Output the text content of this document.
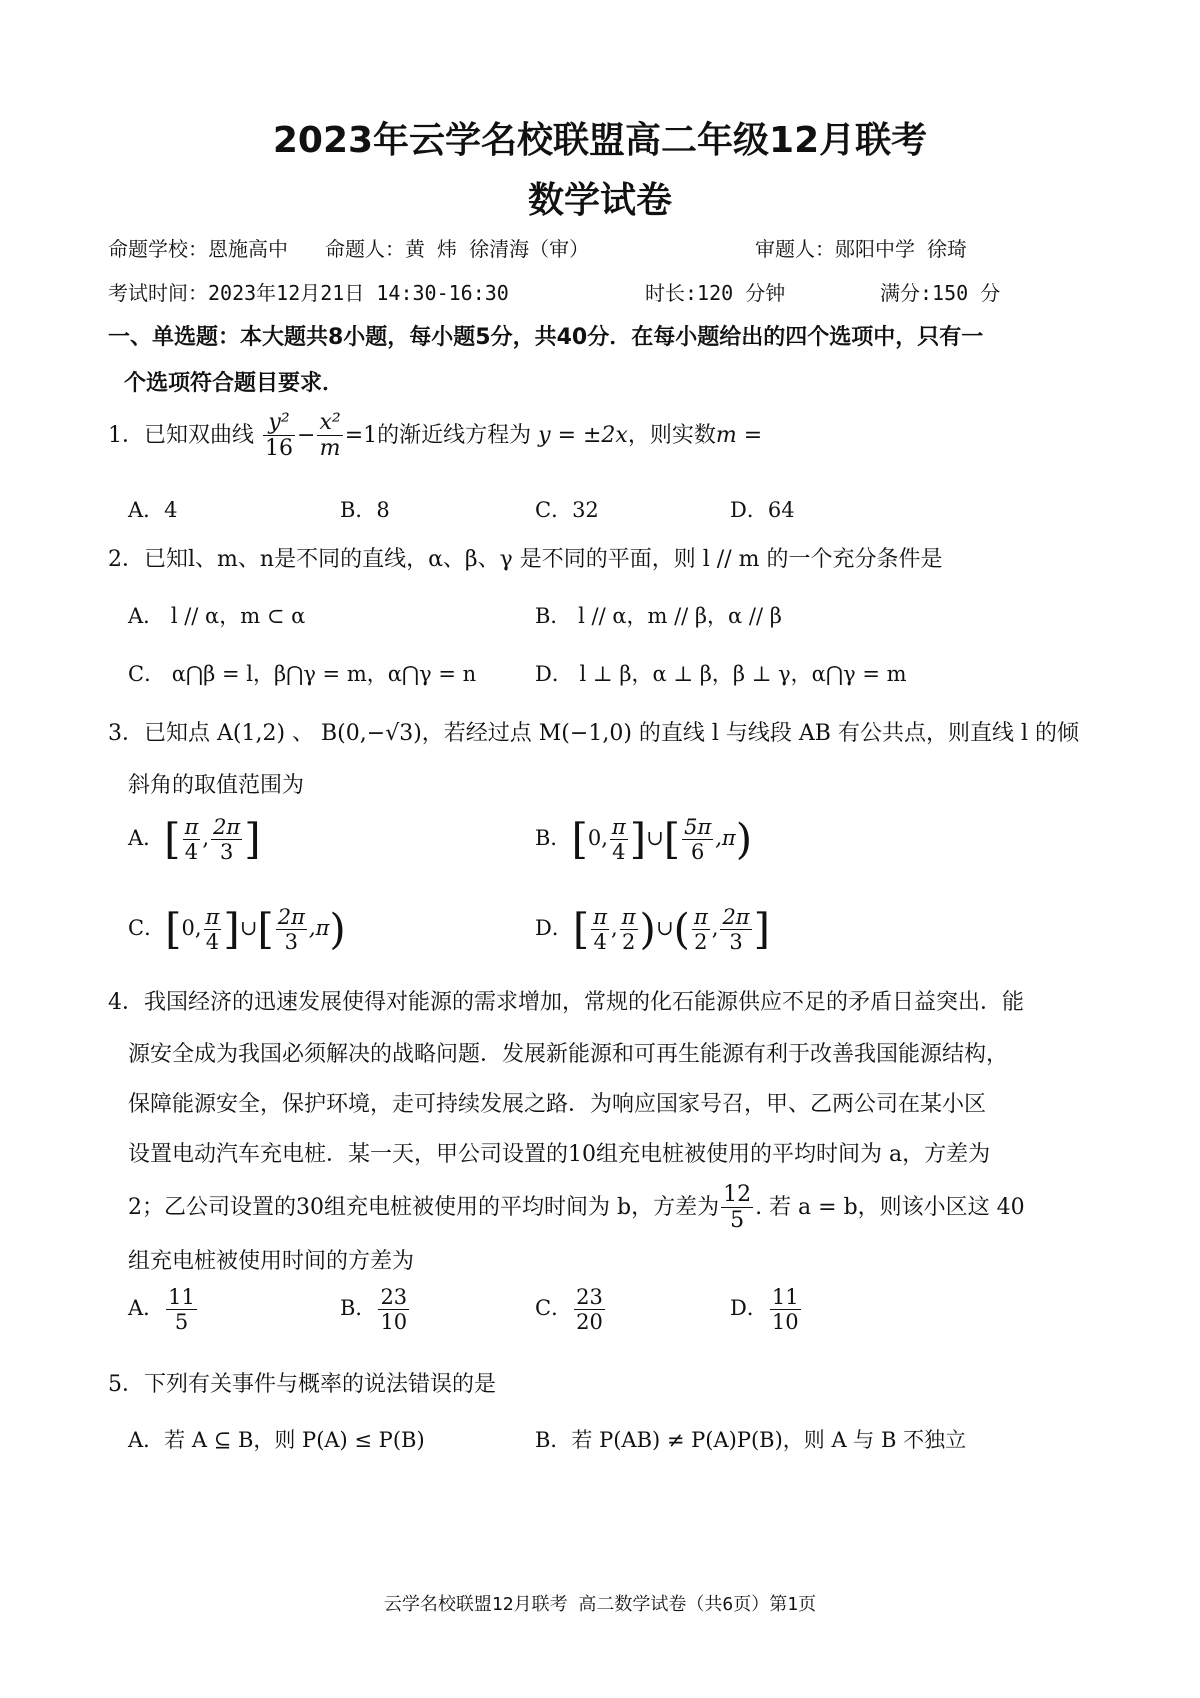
2023年云学名校联盟高二年级12月联考
数学试卷
命题学校：恩施高中 命题人：黄 炜 徐清海（审）	审题人：郧阳中学 徐琦
考试时间：2023年12月21日 14:30-16:30	时长:120 分钟	满分:150 分
一、单选题：本大题共8小题，每小题5分，共40分．在每小题给出的四个选项中，只有一
个选项符合题目要求．
1．已知双曲线 $\frac{\text{y²}}{16} - \frac{\text{x²}}{m} =1$的渐近线方程为 y = ±2x，则实数m =
A．4	B．8	C．32	D．64
2．已知l、m、n是不同的直线，α、β、γ 是不同的平面，则 l // m 的一个充分条件是
A． l // α，m ⊂ α	B． l // α，m // β，α // β
C． α⋂β = l，β⋂γ = m，α⋂γ = n	D． l ⊥ β，α ⊥ β，β ⊥ γ，α⋂γ = m
3．已知点 A(1,2) 、 B(0,−√3)，若经过点 M(−1,0) 的直线 l 与线段 AB 有公共点，则直线 l 的倾
斜角的取值范围为
A．[ $\frac{\pi}{4}$ , $\frac{2\pi}{3}$ ]	B．[0, $\frac{\pi}{4}$ ]∪[ $\frac{5\pi}{6} ,\pi$)
C．[0, $\frac{\pi}{4}$ ]∪[ $\frac{2\pi}{3} ,\pi$)	D．[ $\frac{\pi}{4}$ , $\frac{\pi}{2}$ )∪( $\frac{\pi}{2}$ , $\frac{2\pi}{3}$ ]
4．我国经济的迅速发展使得对能源的需求增加，常规的化石能源供应不足的矛盾日益突出．能
源安全成为我国必须解决的战略问题．发展新能源和可再生能源有利于改善我国能源结构，
保障能源安全，保护环境，走可持续发展之路．为响应国家号召，甲、乙两公司在某小区
设置电动汽车充电桩．某一天，甲公司设置的10组充电桩被使用的平均时间为 a，方差为
2；乙公司设置的30组充电桩被使用的平均时间为 b，方差为 $\frac{12}{5}$ . 若 a = b，则该小区这 40
组充电桩被使用时间的方差为
A． $\frac{11}{5}$	B． $\frac{23}{10}$	C． $\frac{23}{20}$	D． $\frac{11}{10}$
5．下列有关事件与概率的说法错误的是
A．若 A ⊆ B，则 P(A) ≤ P(B)	B．若 P(AB) ≠ P(A)P(B)，则 A 与 B 不独立
云学名校联盟12月联考 高二数学试卷（共6页）第1页
